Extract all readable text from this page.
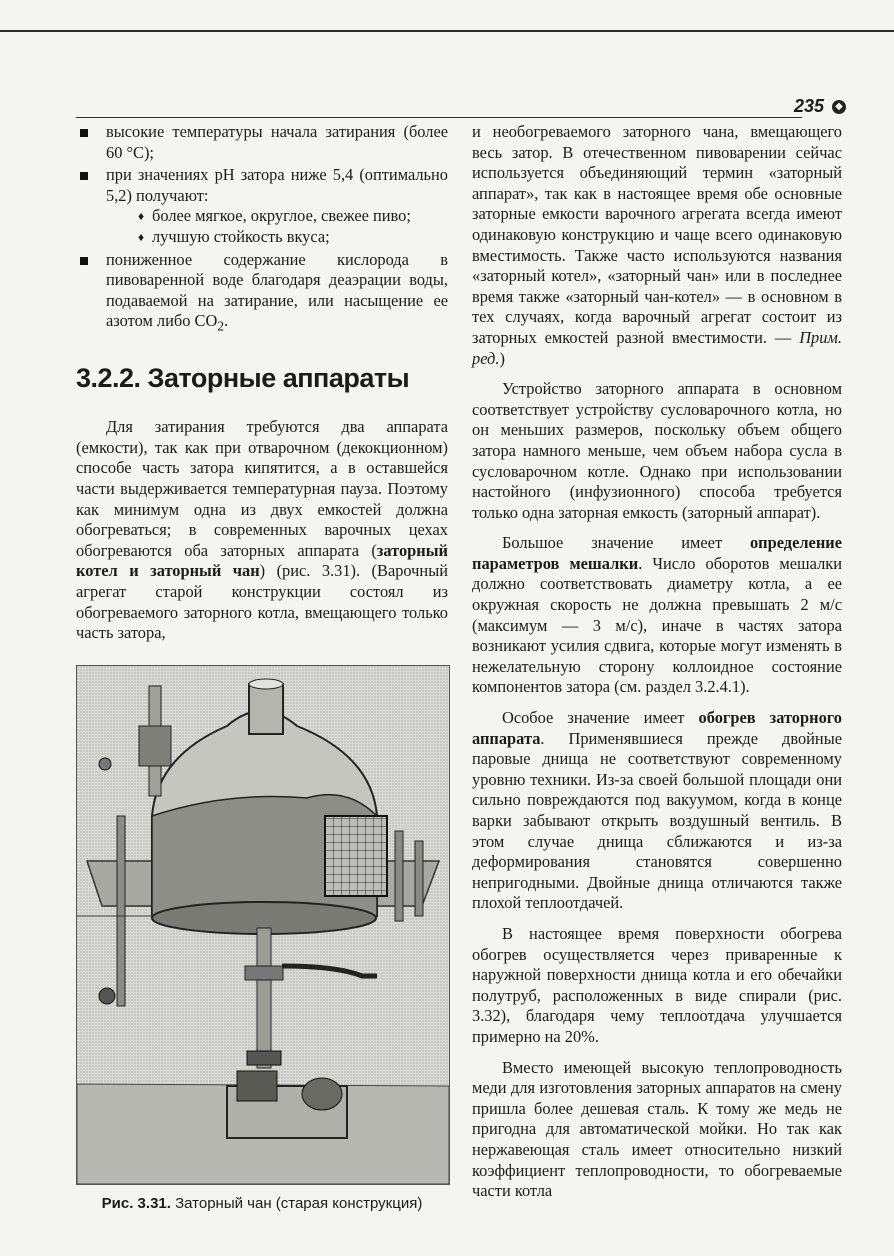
235	◆
высокие температуры начала затирания (более 60 °С);
при значениях pH затора ниже 5,4 (оптимально 5,2) получают:
♦ более мягкое, округлое, свежее пиво;
♦ лучшую стойкость вкуса;
пониженное содержание кислорода в пивоваренной воде благодаря деаэрации воды, подаваемой на затирание, или насыщение ее азотом либо $CO_2$.
3.2.2. Заторные аппараты

Для затирания требуются два аппарата (емкости), так как при отварочном (декокционном) способе часть затора кипятится, а в оставшейся части выдерживается температурная пауза. Поэтому как минимум одна из двух емкостей должна обогреваться; в современных варочных цехах обогреваются оба заторных аппарата (заторный котел и заторный чан) (рис. 3.31). (Варочный агрегат старой конструкции состоял из обогреваемого заторного котла, вмещающего только часть затора,

Рис. 3.31. Заторный чан (старая конструкция)

и необогреваемого заторного чана, вмещающего весь затор. В отечественном пивоварении сейчас используется объединяющий термин «заторный аппарат», так как в настоящее время обе основные заторные емкости варочного агрегата всегда имеют одинаковую конструкцию и чаще всего одинаковую вместимость. Также часто используются названия «заторный котел», «заторный чан» или в последнее время также «заторный чан-котел» — в основном в тех случаях, когда варочный агрегат состоит из заторных емкостей разной вместимости. — Прим. ред.)

Устройство заторного аппарата в основном соответствует устройству сусловарочного котла, но он меньших размеров, поскольку объем общего затора намного меньше, чем объем набора сусла в сусловарочном котле. Однако при использовании настойного (инфузионного) способа требуется только одна заторная емкость (заторный аппарат).

Большое значение имеет определение параметров мешалки. Число оборотов мешалки должно соответствовать диаметру котла, а ее окружная скорость не должна превышать 2 м/с (максимум — 3 м/с), иначе в частях затора возникают усилия сдвига, которые могут изменять в нежелательную сторону коллоидное состояние компонентов затора (см. раздел 3.2.4.1).

Особое значение имеет обогрев заторного аппарата. Применявшиеся прежде двойные паровые днища не соответствуют современному уровню техники. Из-за своей большой площади они сильно повреждаются под вакуумом, когда в конце варки забывают открыть воздушный вентиль. В этом случае днища сближаются и из-за деформирования становятся совершенно непригодными. Двойные днища отличаются также плохой теплоотдачей.

В настоящее время поверхности обогрева обогрев осуществляется через приваренные к наружной поверхности днища котла и его обечайки полутруб, расположенных в виде спирали (рис. 3.32), благодаря чему теплоотдача улучшается примерно на 20%.

Вместо имеющей высокую теплопроводность меди для изготовления заторных аппаратов на смену пришла более дешевая сталь. К тому же медь не пригодна для автоматической мойки. Но так как нержавеющая сталь имеет относительно низкий коэффициент теплопроводности, то обогреваемые части котла
